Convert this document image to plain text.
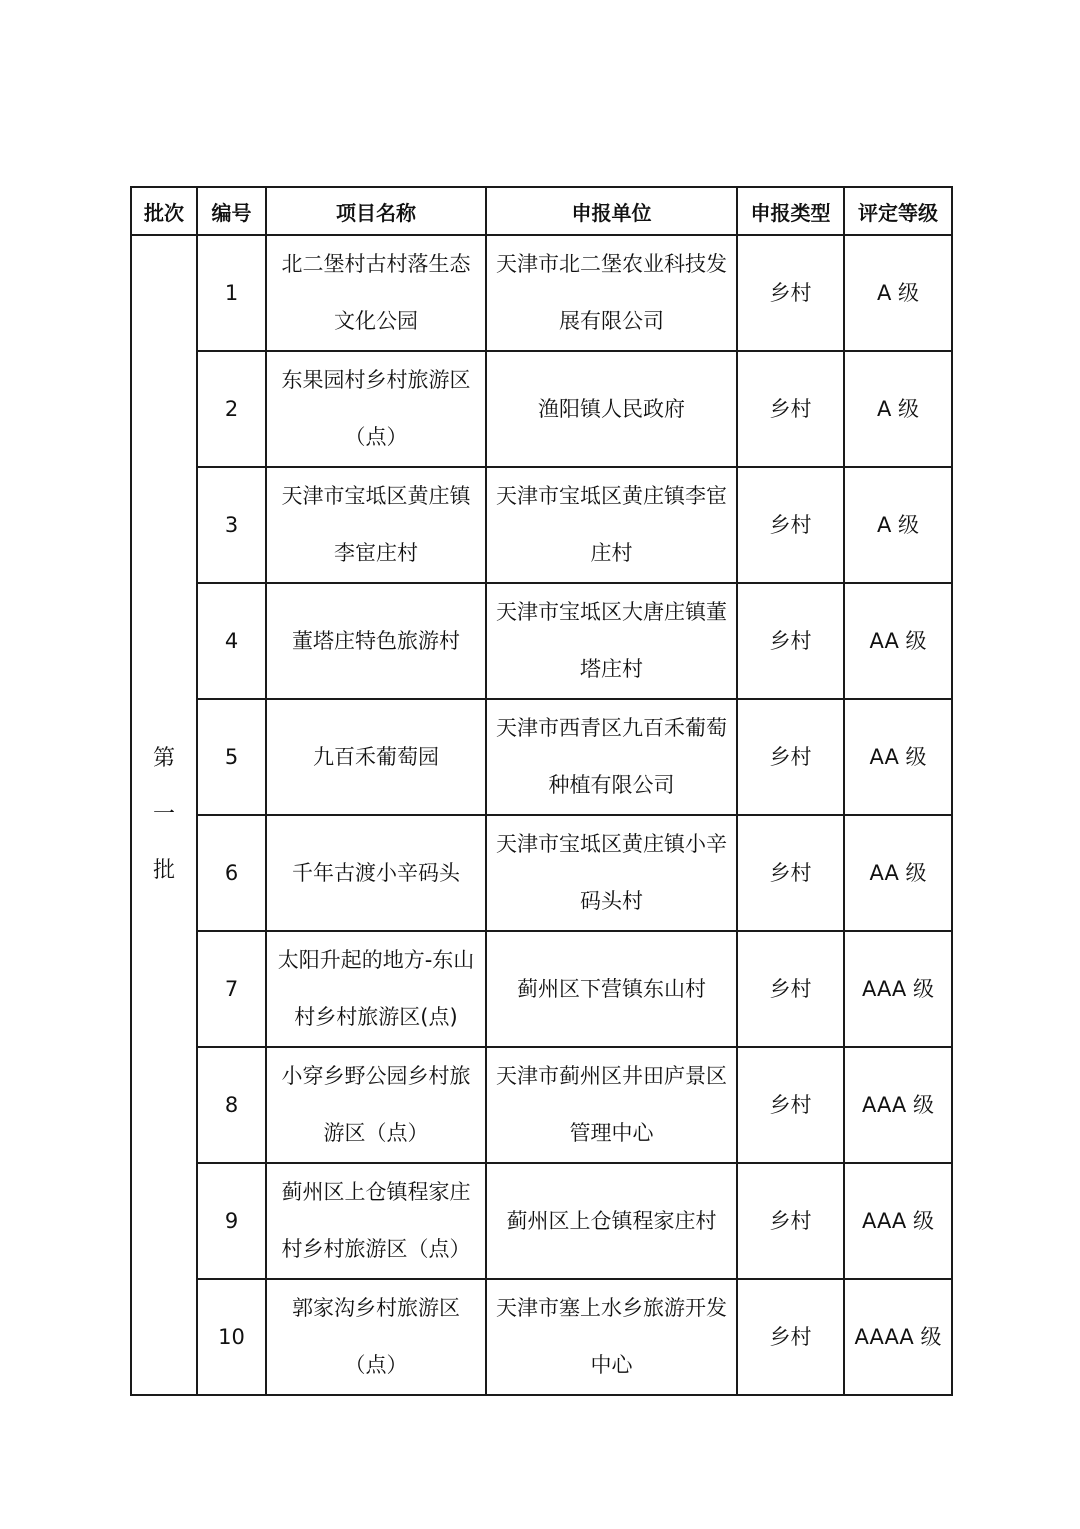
批次	编号	项目名称	申报单位	申报类型	评定等级

第
一
批	1	北二堡村古村落生态文化公园	天津市北二堡农业科技发展有限公司	乡村	A 级
	2	东果园村乡村旅游区（点）	渔阳镇人民政府	乡村	A 级
	3	天津市宝坻区黄庄镇李宦庄村	天津市宝坻区黄庄镇李宦庄村	乡村	A 级
	4	董塔庄特色旅游村	天津市宝坻区大唐庄镇董塔庄村	乡村	AA 级
	5	九百禾葡萄园	天津市西青区九百禾葡萄种植有限公司	乡村	AA 级
	6	千年古渡小辛码头	天津市宝坻区黄庄镇小辛码头村	乡村	AA 级
	7	太阳升起的地方-东山村乡村旅游区(点)	蓟州区下营镇东山村	乡村	AAA 级
	8	小穿乡野公园乡村旅游区（点）	天津市蓟州区井田庐景区管理中心	乡村	AAA 级
	9	蓟州区上仓镇程家庄村乡村旅游区（点）	蓟州区上仓镇程家庄村	乡村	AAA 级
	10	郭家沟乡村旅游区（点）	天津市塞上水乡旅游开发中心	乡村	AAAA 级
